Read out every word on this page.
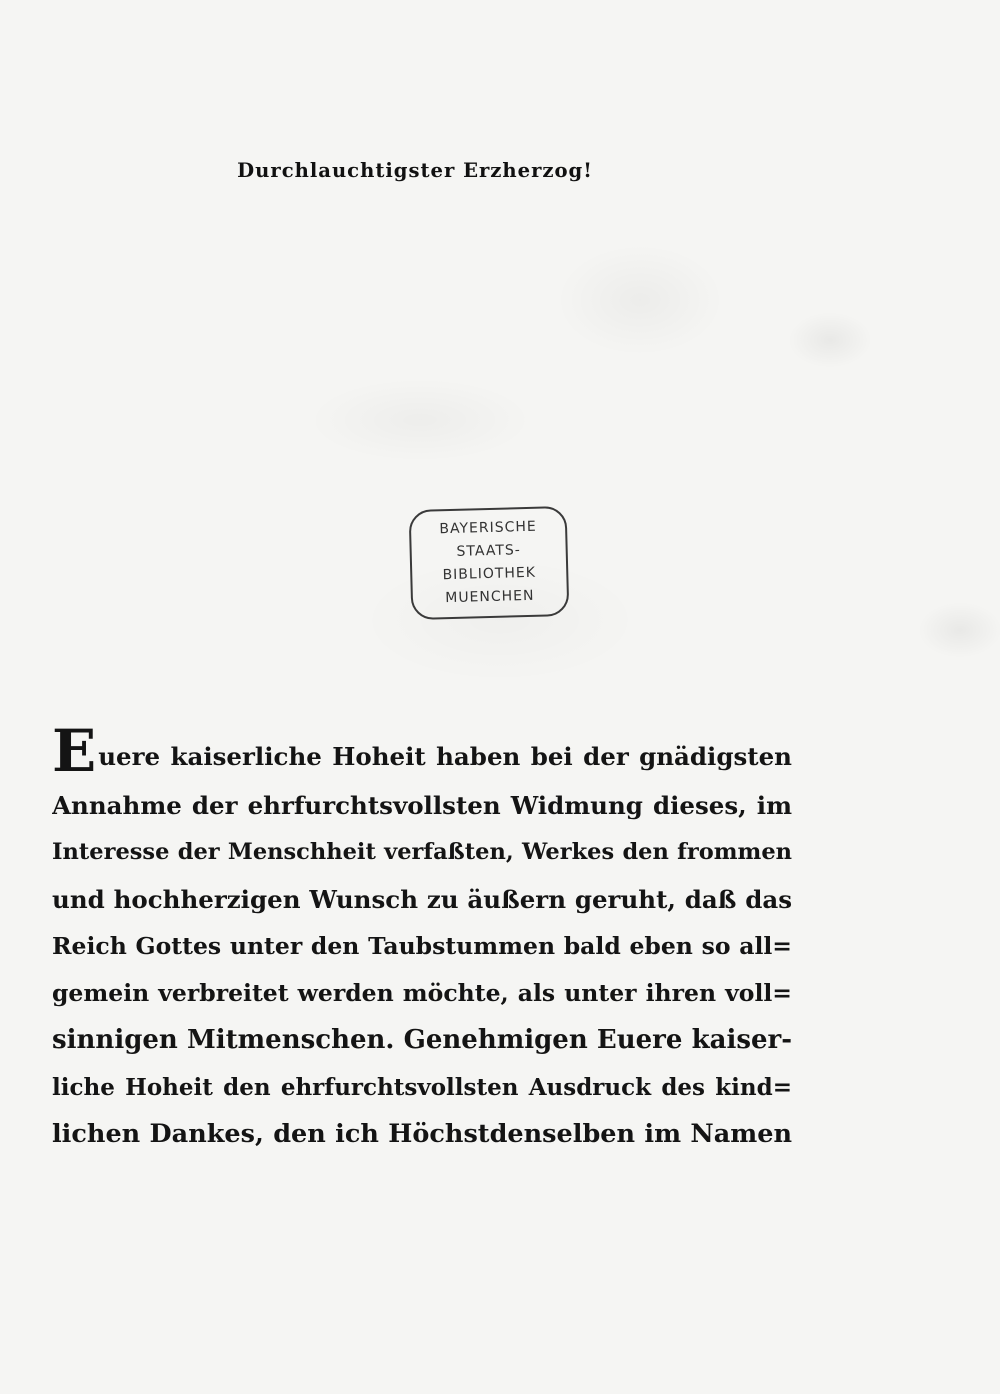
Durchlauchtigster Erzherzog!
BAYERISCHE
STAATS-
BIBLIOTHEK
MUENCHEN
Euere kaiserliche Hoheit haben bei der gnädigsten
Annahme der ehrfurchtsvollsten Widmung dieses, im
Interesse der Menschheit verfaßten, Werkes den frommen
und hochherzigen Wunsch zu äußern geruht, daß das
Reich Gottes unter den Taubstummen bald eben so all=
gemein verbreitet werden möchte, als unter ihren voll=
sinnigen Mitmenschen. Genehmigen Euere kaiser-
liche Hoheit den ehrfurchtsvollsten Ausdruck des kind=
lichen Dankes, den ich Höchstdenselben im Namen
